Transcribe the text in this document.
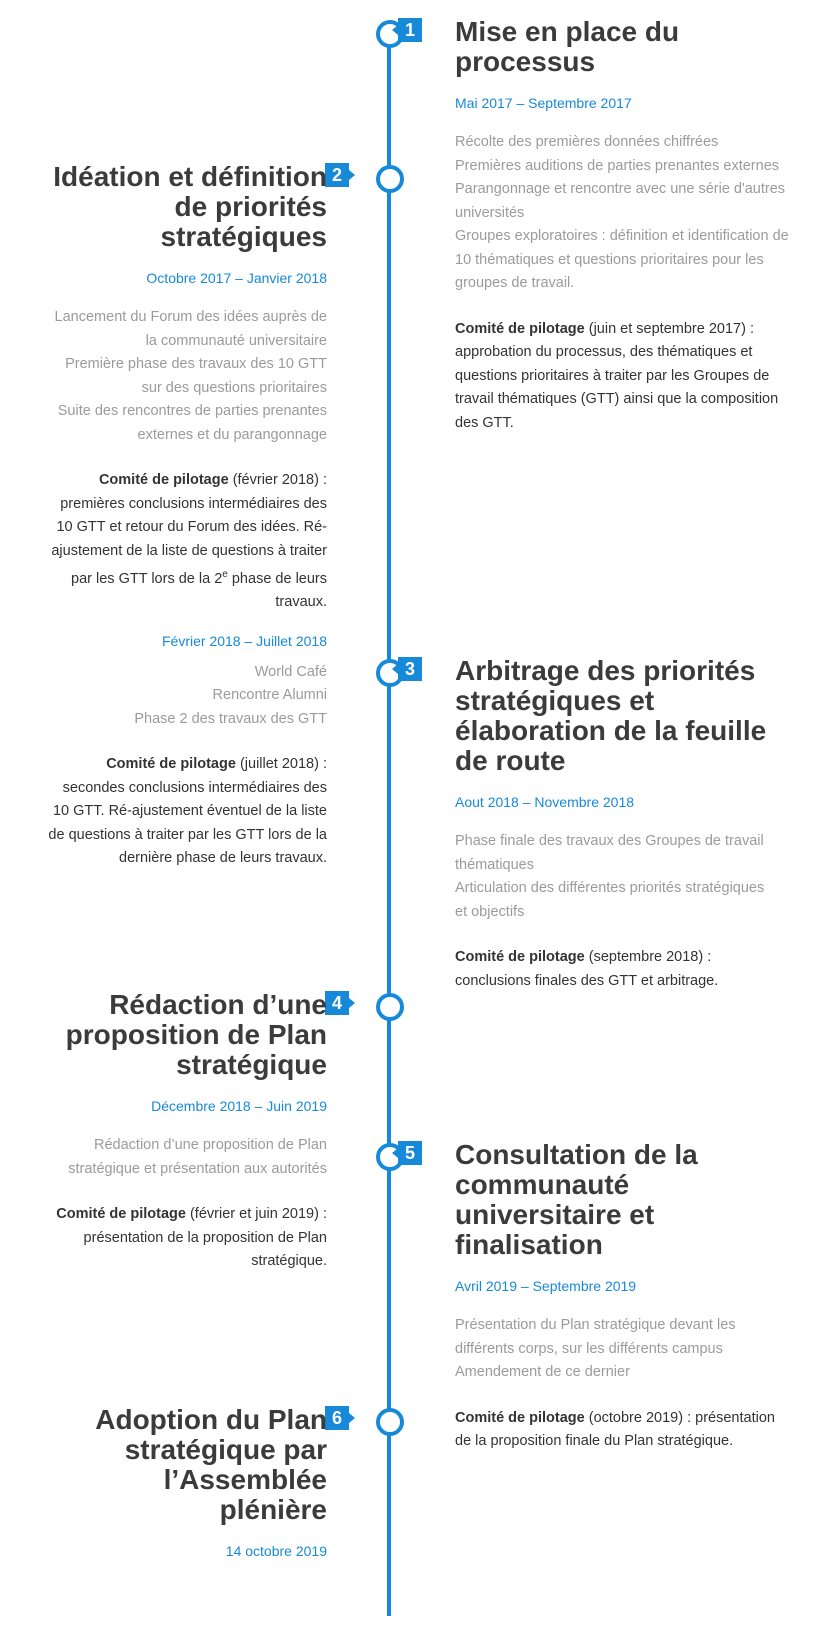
1 Mise en place du processus
Mai 2017 – Septembre 2017
Récolte des premières données chiffrées
Premières auditions de parties prenantes externes
Parangonnage et rencontre avec une série d'autres universités
Groupes exploratoires : définition et identification de 10 thématiques et questions prioritaires pour les groupes de travail.
Comité de pilotage (juin et septembre 2017) : approbation du processus, des thématiques et questions prioritaires à traiter par les Groupes de travail thématiques (GTT) ainsi que la composition des GTT.
2
Idéation et définition de priorités stratégiques
Octobre 2017 – Janvier 2018
Lancement du Forum des idées auprès de la communauté universitaire
Première phase des travaux des 10 GTT sur des questions prioritaires
Suite des rencontres de parties prenantes externes et du parangonnage
Comité de pilotage (février 2018) : premières conclusions intermédiaires des 10 GTT et retour du Forum des idées. Ré-ajustement de la liste de questions à traiter par les GTT lors de la 2e phase de leurs travaux.
Février 2018 – Juillet 2018
World Café
Rencontre Alumni
Phase 2 des travaux des GTT
Comité de pilotage (juillet 2018) : secondes conclusions intermédiaires des 10 GTT. Ré-ajustement éventuel de la liste de questions à traiter par les GTT lors de la dernière phase de leurs travaux.
3 Arbitrage des priorités stratégiques et élaboration de la feuille de route
Aout 2018 – Novembre 2018
Phase finale des travaux des Groupes de travail thématiques
Articulation des différentes priorités stratégiques et objectifs
Comité de pilotage (septembre 2018) : conclusions finales des GTT et arbitrage.
4
Rédaction d’une proposition de Plan stratégique
Décembre 2018 – Juin 2019
Rédaction d’une proposition de Plan stratégique et présentation aux autorités
Comité de pilotage (février et juin 2019) : présentation de la proposition de Plan stratégique.
5 Consultation de la communauté universitaire et finalisation
Avril 2019 – Septembre 2019
Présentation du Plan stratégique devant les différents corps, sur les différents campus
Amendement de ce dernier
Comité de pilotage (octobre 2019) : présentation de la proposition finale du Plan stratégique.
6
Adoption du Plan stratégique par l’Assemblée plénière
14 octobre 2019
